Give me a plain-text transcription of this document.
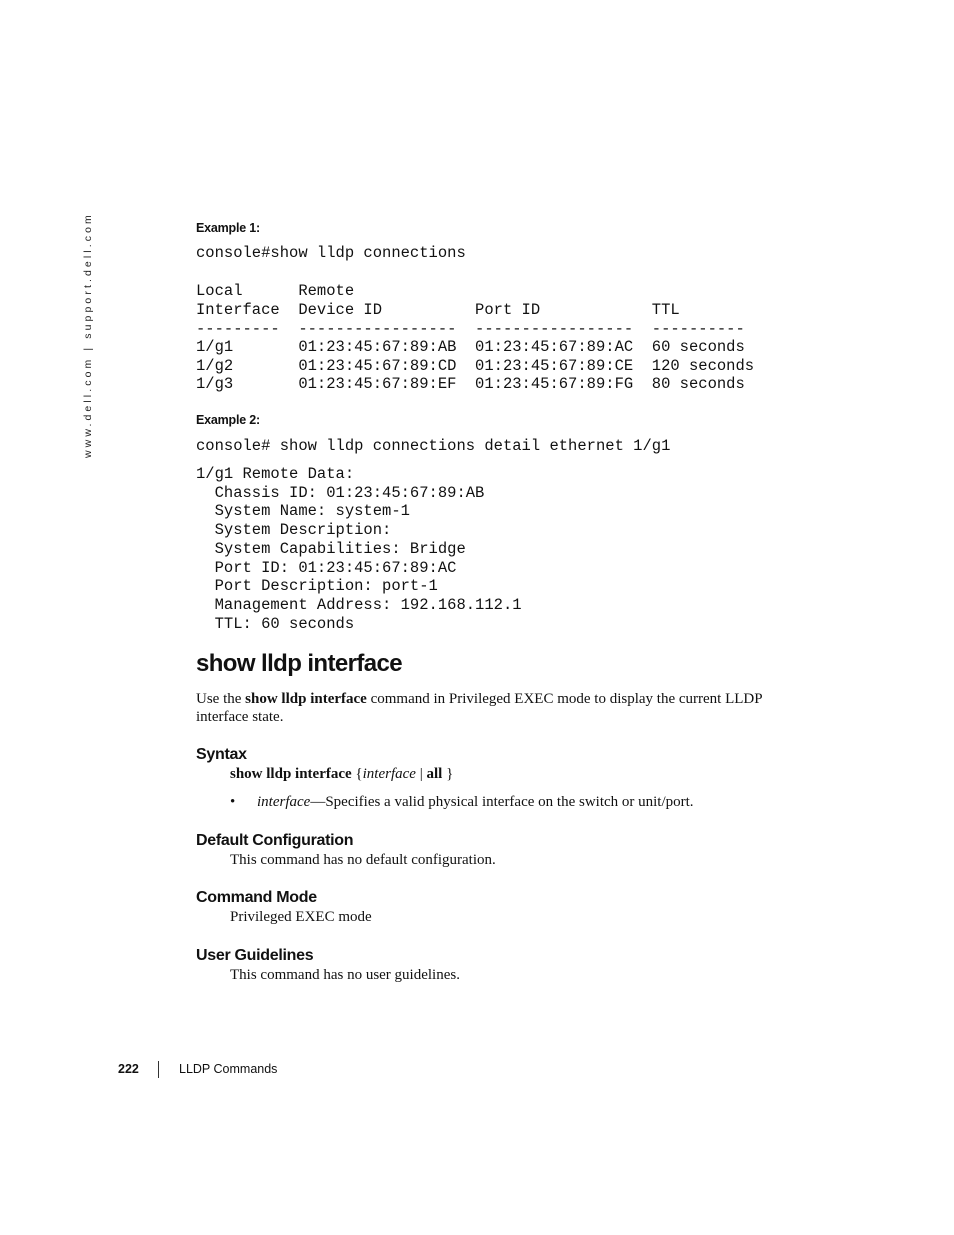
www.dell.com | support.dell.com	Example 1:
console#show lldp connections
Local      Remote
Interface  Device ID          Port ID            TTL
---------  -----------------  -----------------  ----------
1/g1       01:23:45:67:89:AB  01:23:45:67:89:AC  60 seconds
1/g2       01:23:45:67:89:CD  01:23:45:67:89:CE  120 seconds
1/g3       01:23:45:67:89:EF  01:23:45:67:89:FG  80 seconds
Example 2:
console# show lldp connections detail ethernet 1/g1
1/g1 Remote Data:
Chassis ID: 01:23:45:67:89:AB
System Name: system-1
System Description:
System Capabilities: Bridge
Port ID: 01:23:45:67:89:AC
Port Description: port-1
Management Address: 192.168.112.1
TTL: 60 seconds
show lldp interface

Use the show lldp interface command in Privileged EXEC mode to display the current LLDP interface state.

Syntax

show lldp interface {interface | all }

• interface—Specifies a valid physical interface on the switch or unit/port.

Default Configuration

This command has no default configuration.

Command Mode

Privileged EXEC mode

User Guidelines

This command has no user guidelines.

222	LLDP Commands
